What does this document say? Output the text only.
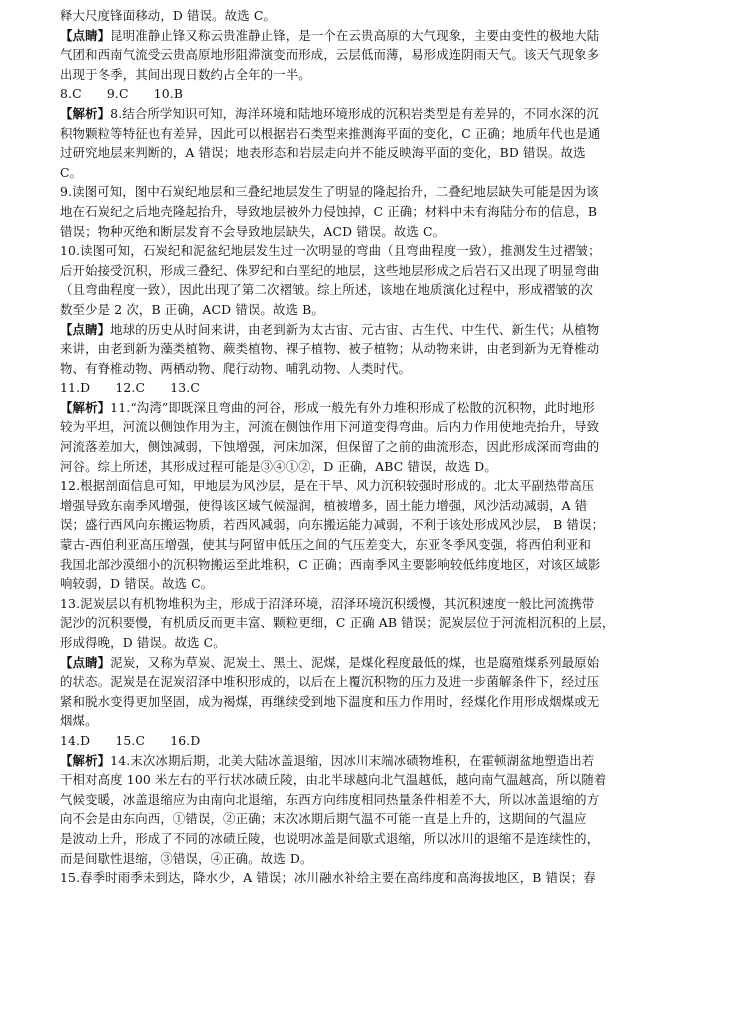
释大尺度锋面移动，D 错误。故选 C。
【点睛】昆明准静止锋又称云贵准静止锋，是一个在云贵高原的大气现象，主要由变性的极地大陆
气团和西南气流受云贵高原地形阻滞演变而形成，云层低而薄，易形成连阴雨天气。该天气现象多
出现于冬季，其间出现日数约占全年的一半。
8.C　　9.C　　10.B
【解析】8.结合所学知识可知，海洋环境和陆地环境形成的沉积岩类型是有差异的，不同水深的沉
积物颗粒等特征也有差异，因此可以根据岩石类型来推测海平面的变化，C 正确；地质年代也是通
过研究地层来判断的，A 错误；地表形态和岩层走向并不能反映海平面的变化，BD 错误。故选
C。
9.读图可知，图中石炭纪地层和三叠纪地层发生了明显的隆起抬升，二叠纪地层缺失可能是因为该
地在石炭纪之后地壳隆起抬升，导致地层被外力侵蚀掉，C 正确；材料中未有海陆分布的信息，B
错误；物种灭绝和断层发育不会导致地层缺失，ACD 错误。故选 C。
10.读图可知，石炭纪和泥盆纪地层发生过一次明显的弯曲（且弯曲程度一致），推测发生过褶皱；
后开始接受沉积，形成三叠纪、侏罗纪和白垩纪的地层，这些地层形成之后岩石又出现了明显弯曲
（且弯曲程度一致），因此出现了第二次褶皱。综上所述，该地在地质演化过程中，形成褶皱的次
数至少是 2 次，B 正确，ACD 错误。故选 B。
【点睛】地球的历史从时间来讲，由老到新为太古宙、元古宙、古生代、中生代、新生代；从植物
来讲，由老到新为藻类植物、蕨类植物、裸子植物、被子植物；从动物来讲，由老到新为无脊椎动
物、有脊椎动物、两栖动物、爬行动物、哺乳动物、人类时代。
11.D　　12.C　　13.C
【解析】11.“沟湾”即既深且弯曲的河谷，形成一般先有外力堆积形成了松散的沉积物，此时地形
较为平坦，河流以侧蚀作用为主，河流在侧蚀作用下河道变得弯曲。后内力作用使地壳抬升，导致
河流落差加大，侧蚀减弱，下蚀增强，河床加深，但保留了之前的曲流形态，因此形成深而弯曲的
河谷。综上所述，其形成过程可能是③④①②，D 正确，ABC 错误，故选 D。
12.根据剖面信息可知，甲地层为风沙层，是在干旱、风力沉积较强时形成的。北太平副热带高压
增强导致东南季风增强，使得该区域气候湿润，植被增多，固土能力增强，风沙活动减弱，A 错
误；盛行西风向东搬运物质，若西风减弱，向东搬运能力减弱，不利于该处形成风沙层， B 错误；
蒙古-西伯利亚高压增强，使其与阿留申低压之间的气压差变大，东亚冬季风变强，将西伯利亚和
我国北部沙漠细小的沉积物搬运至此堆积，C 正确；西南季风主要影响较低纬度地区，对该区域影
响较弱，D 错误。故选 C。
13.泥炭层以有机物堆积为主，形成于沼泽环境，沼泽环境沉积缓慢，其沉积速度一般比河流携带
泥沙的沉积要慢，有机质反而更丰富、颗粒更细，C 正确 AB 错误；泥炭层位于河流相沉积的上层，
形成得晚，D 错误。故选 C。
【点睛】泥炭，又称为草炭、泥炭土、黑土、泥煤，是煤化程度最低的煤，也是腐殖煤系列最原始
的状态。泥炭是在泥炭沼泽中堆积形成的，以后在上覆沉积物的压力及进一步菌解条件下，经过压
紧和脱水变得更加坚固，成为褐煤，再继续受到地下温度和压力作用时，经煤化作用形成烟煤或无
烟煤。
14.D　　15.C　　16.D
【解析】14.末次冰期后期，北美大陆冰盖退缩，因冰川末端冰碛物堆积，在霍顿湖盆地塑造出若
干相对高度 100 米左右的平行状冰碛丘陵，由北半球越向北气温越低，越向南气温越高，所以随着
气候变暖，冰盖退缩应为由南向北退缩，东西方向纬度相同热量条件相差不大，所以冰盖退缩的方
向不会是由东向西，①错误，②正确；末次冰期后期气温不可能一直是上升的，这期间的气温应
是波动上升，形成了不同的冰碛丘陵，也说明冰盖是间歇式退缩，所以冰川的退缩不是连续性的，
而是间歇性退缩，③错误，④正确。故选 D。
15.春季时雨季未到达，降水少，A 错误；冰川融水补给主要在高纬度和高海拔地区，B 错误；春
